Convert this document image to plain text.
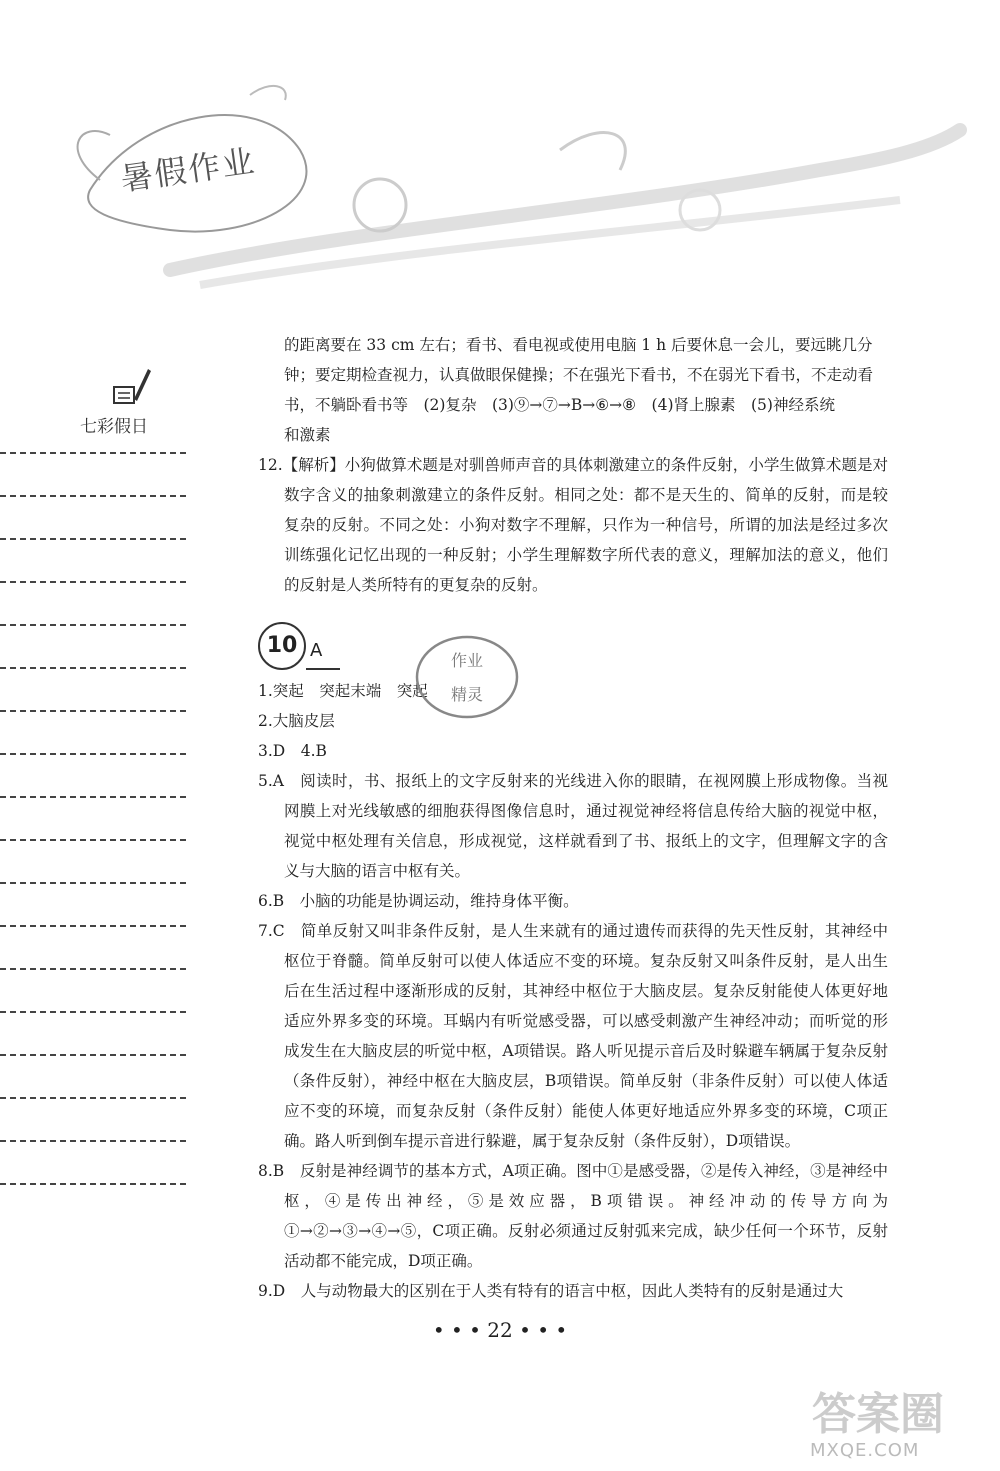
暑假作业
七彩假日

的距离要在 33 cm 左右；看书、看电视或使用电脑 1 h 后要休息一会儿，要远眺几分

钟；要定期检查视力，认真做眼保健操；不在强光下看书，不在弱光下看书，不走动看

书，不躺卧看书等　(2)复杂　(3)⑨→⑦→B→⑥→⑧　(4)肾上腺素　(5)神经系统

和激素

12.【解析】小狗做算术题是对驯兽师声音的具体刺激建立的条件反射，小学生做算术题是对数字含义的抽象刺激建立的条件反射。相同之处：都不是天生的、简单的反射，而是较复杂的反射。不同之处：小狗对数字不理解，只作为一种信号，所谓的加法是经过多次训练强化记忆出现的一种反射；小学生理解数字所代表的意义，理解加法的意义，他们的反射是人类所特有的更复杂的反射。

10 A

1.突起　突起末端　突起

2.大脑皮层

3.D　4.B

5.A　阅读时，书、报纸上的文字反射来的光线进入你的眼睛，在视网膜上形成物像。当视网膜上对光线敏感的细胞获得图像信息时，通过视觉神经将信息传给大脑的视觉中枢，视觉中枢处理有关信息，形成视觉，这样就看到了书、报纸上的文字，但理解文字的含义与大脑的语言中枢有关。

6.B　小脑的功能是协调运动，维持身体平衡。

7.C　简单反射又叫非条件反射，是人生来就有的通过遗传而获得的先天性反射，其神经中枢位于脊髓。简单反射可以使人体适应不变的环境。复杂反射又叫条件反射，是人出生后在生活过程中逐渐形成的反射，其神经中枢位于大脑皮层。复杂反射能使人体更好地适应外界多变的环境。耳蜗内有听觉感受器，可以感受刺激产生神经冲动；而听觉的形成发生在大脑皮层的听觉中枢，A项错误。路人听见提示音后及时躲避车辆属于复杂反射（条件反射），神经中枢在大脑皮层，B项错误。简单反射（非条件反射）可以使人体适应不变的环境，而复杂反射（条件反射）能使人体更好地适应外界多变的环境，C项正确。路人听到倒车提示音进行躲避，属于复杂反射（条件反射），D项错误。

8.B　反射是神经调节的基本方式，A项正确。图中①是感受器，②是传入神经，③是神经中枢，④是传出神经，⑤是效应器，B项错误。神经冲动的传导方向为①→②→③→④→⑤，C项正确。反射必须通过反射弧来完成，缺少任何一个环节，反射活动都不能完成，D项正确。

9.D　人与动物最大的区别在于人类有特有的语言中枢，因此人类特有的反射是通过大

作业
精灵
• • • 22 • • •
答案圈
MXQE.COM
